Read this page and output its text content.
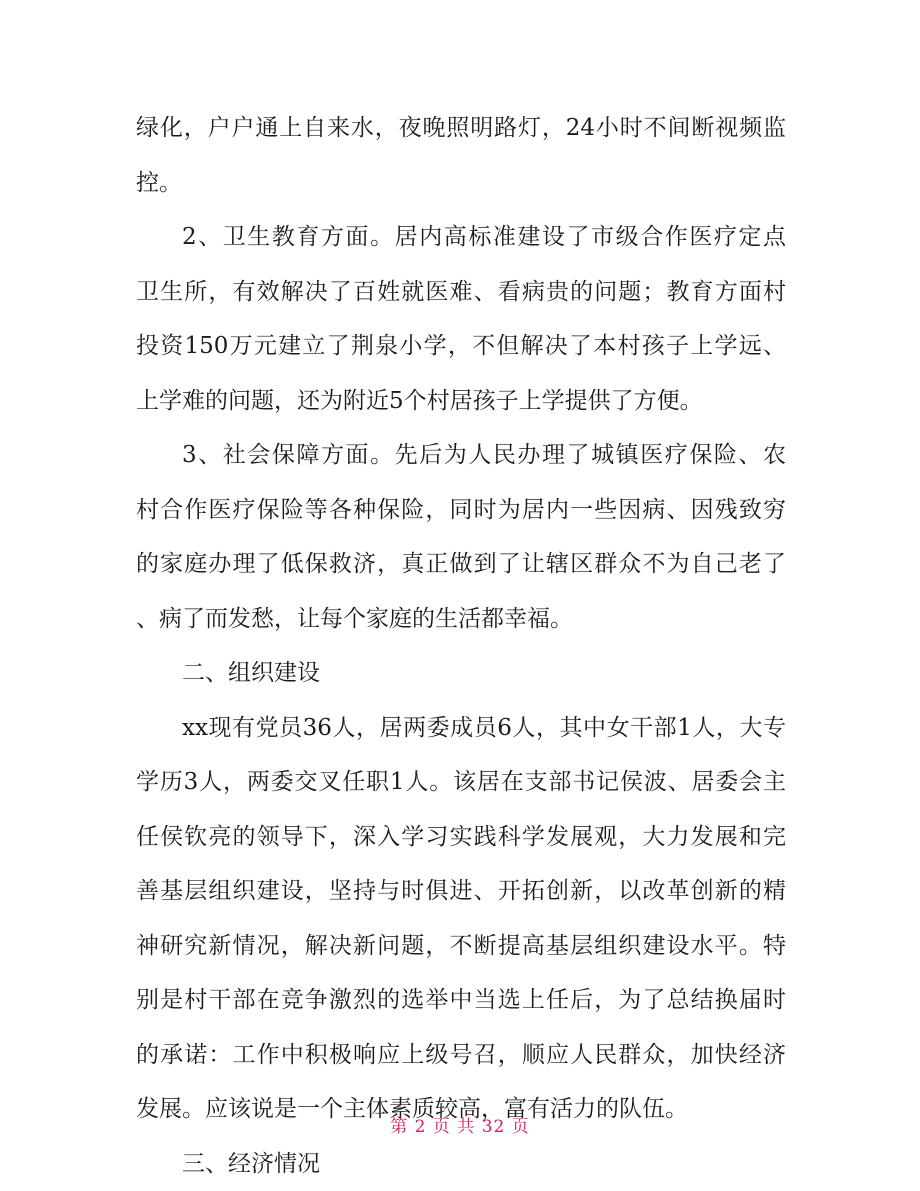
绿化，户户通上自来水，夜晚照明路灯，24小时不间断视频监
控。
2、卫生教育方面。居内高标准建设了市级合作医疗定点
卫生所，有效解决了百姓就医难、看病贵的问题；教育方面村
投资150万元建立了荆泉小学，不但解决了本村孩子上学远、
上学难的问题，还为附近5个村居孩子上学提供了方便。
3、社会保障方面。先后为人民办理了城镇医疗保险、农
村合作医疗保险等各种保险，同时为居内一些因病、因残致穷
的家庭办理了低保救济，真正做到了让辖区群众不为自己老了
、病了而发愁，让每个家庭的生活都幸福。
二、组织建设
xx现有党员36人，居两委成员6人，其中女干部1人，大专
学历3人，两委交叉任职1人。该居在支部书记侯波、居委会主
任侯钦亮的领导下，深入学习实践科学发展观，大力发展和完
善基层组织建设，坚持与时俱进、开拓创新，以改革创新的精
神研究新情况，解决新问题，不断提高基层组织建设水平。特
别是村干部在竞争激烈的选举中当选上任后，为了总结换届时
的承诺：工作中积极响应上级号召，顺应人民群众，加快经济
发展。应该说是一个主体素质较高，富有活力的队伍。
三、经济情况
第 2 页 共 32 页
